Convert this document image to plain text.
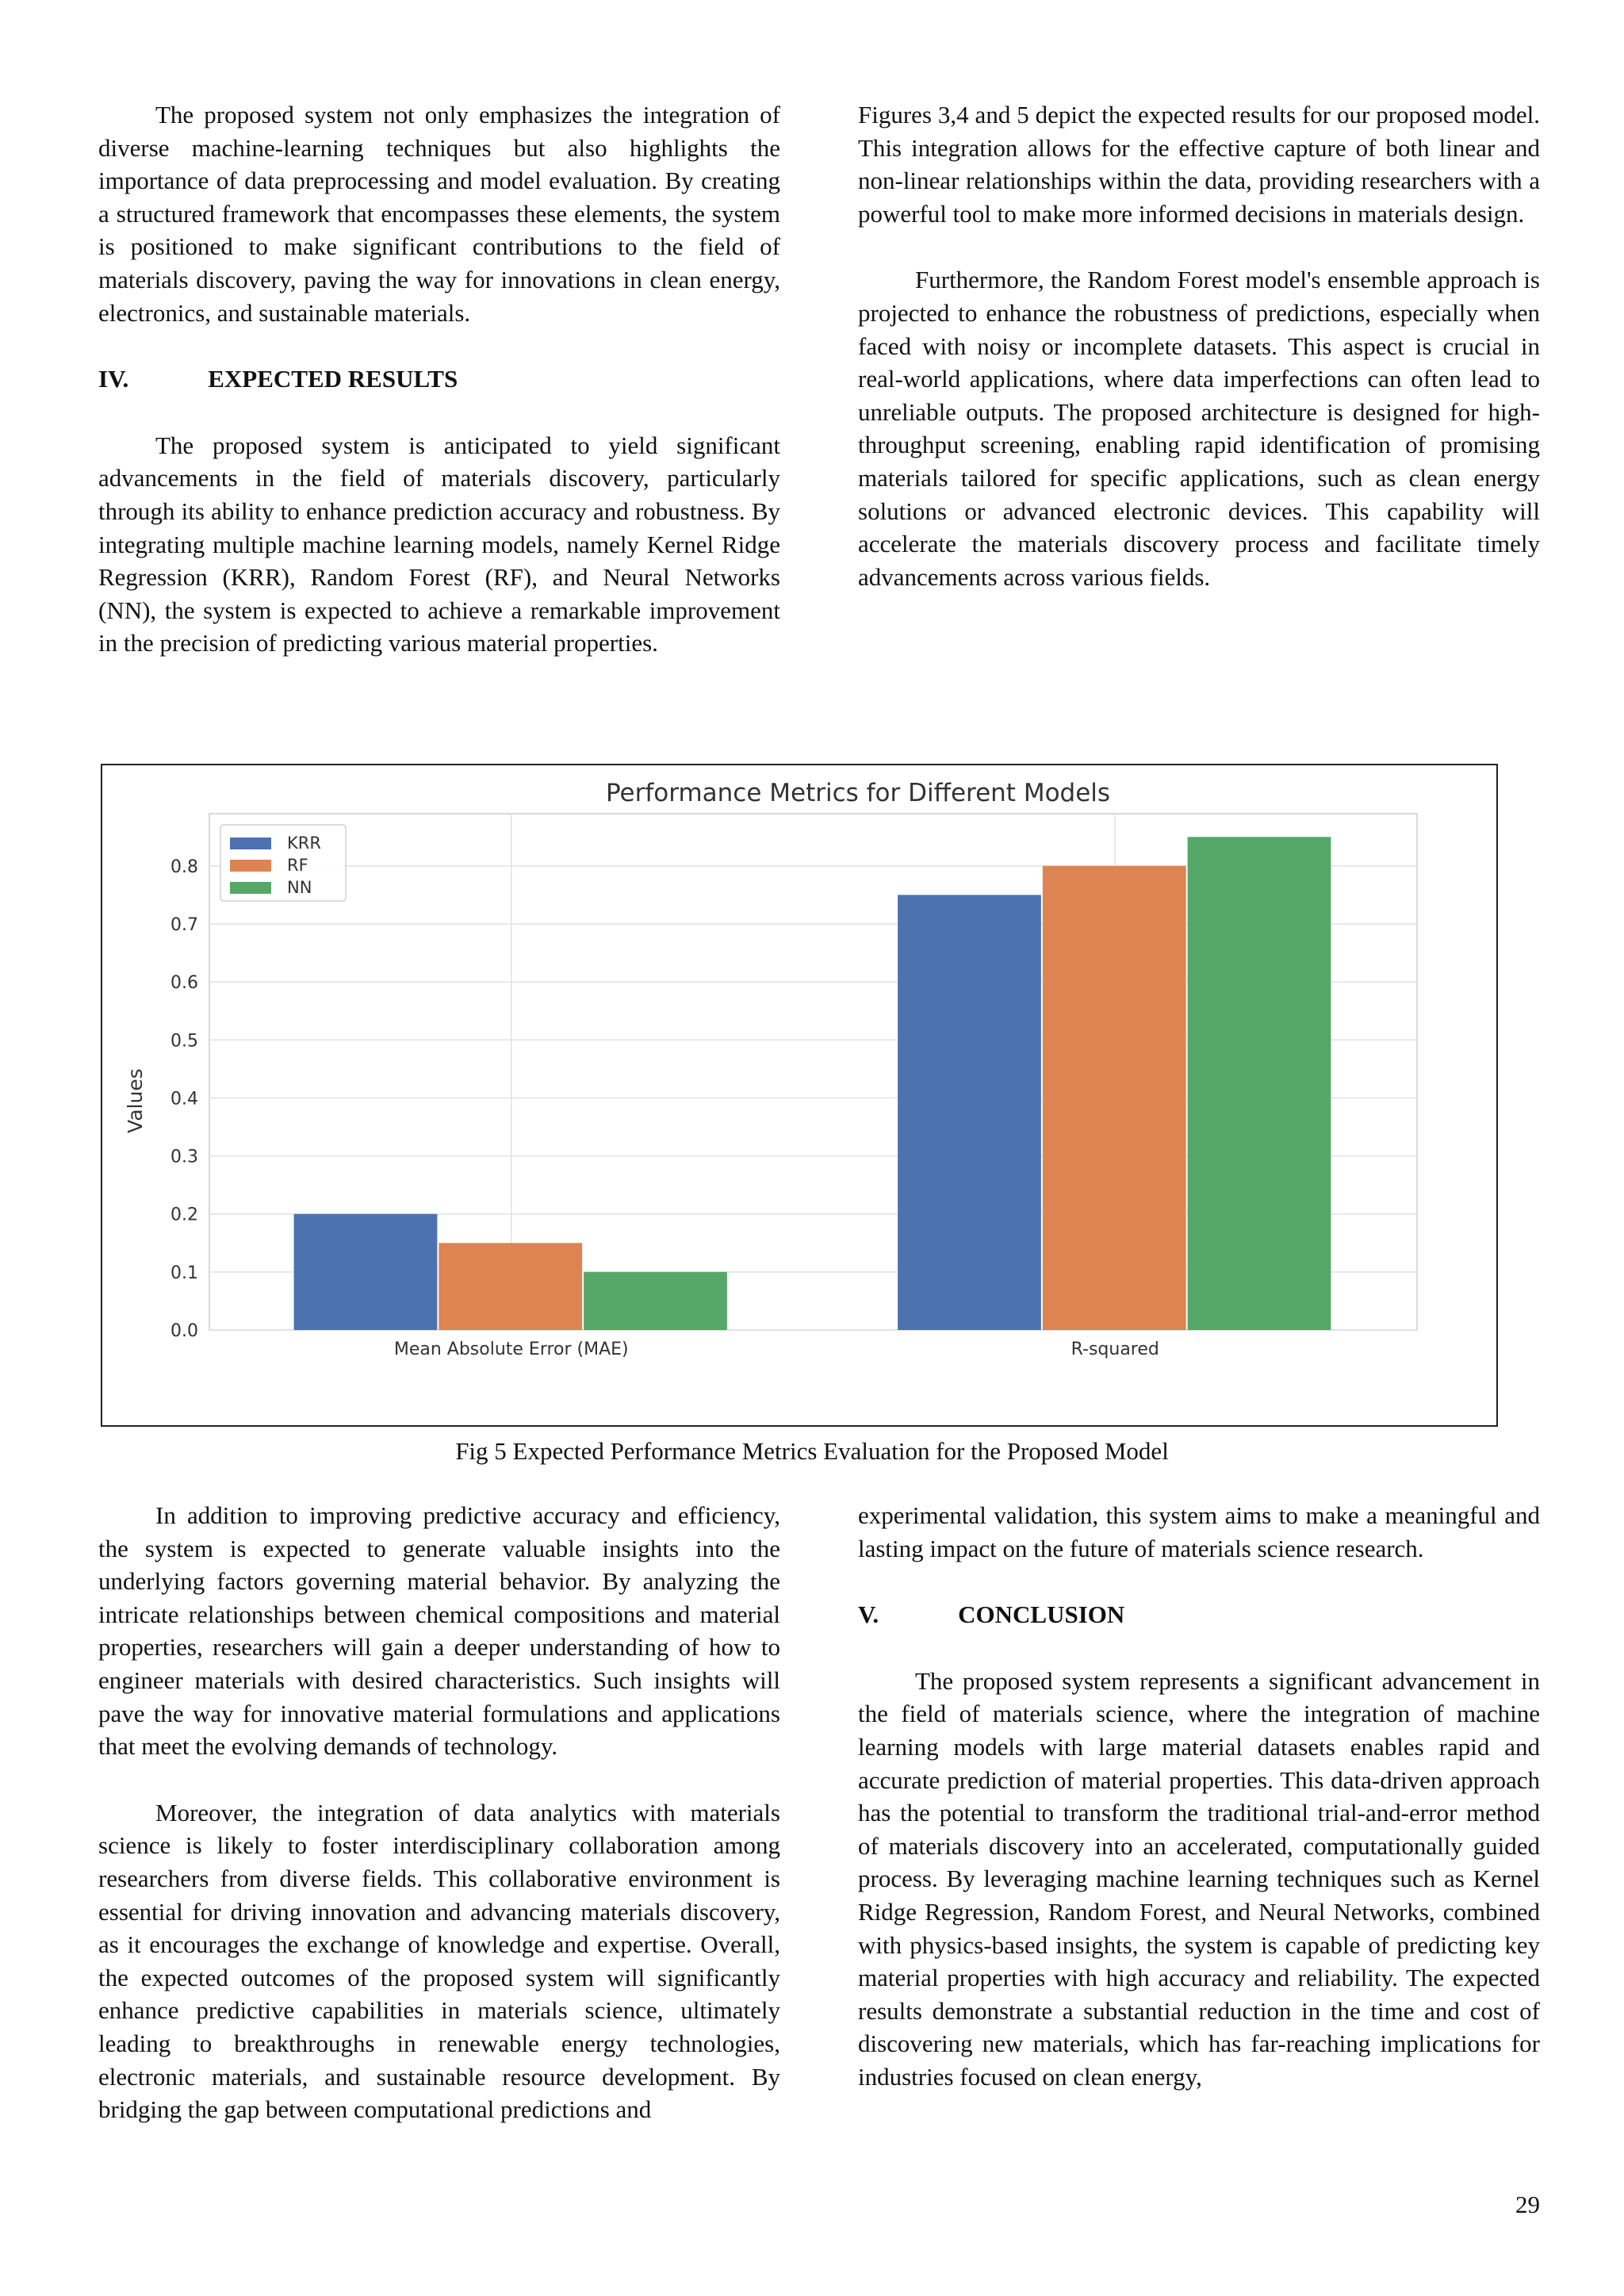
The proposed system not only emphasizes the integration of diverse machine-learning techniques but also highlights the importance of data preprocessing and model evaluation. By creating a structured framework that encompasses these elements, the system is positioned to make significant contributions to the field of materials discovery, paving the way for innovations in clean energy, electronics, and sustainable materials.

IV.	EXPECTED RESULTS

The proposed system is anticipated to yield significant advancements in the field of materials discovery, particularly through its ability to enhance prediction accuracy and robustness. By integrating multiple machine learning models, namely Kernel Ridge Regression (KRR), Random Forest (RF), and Neural Networks (NN), the system is expected to achieve a remarkable improvement in the precision of predicting various material properties.

Figures 3,4 and 5 depict the expected results for our proposed model. This integration allows for the effective capture of both linear and non-linear relationships within the data, providing researchers with a powerful tool to make more informed decisions in materials design.

Furthermore, the Random Forest model's ensemble approach is projected to enhance the robustness of predictions, especially when faced with noisy or incomplete datasets. This aspect is crucial in real-world applications, where data imperfections can often lead to unreliable outputs. The proposed architecture is designed for high-throughput screening, enabling rapid identification of promising materials tailored for specific applications, such as clean energy solutions or advanced electronic devices. This capability will accelerate the materials discovery process and facilitate timely advancements across various fields.

Performance Metrics for Different Models
0.0
0.1
0.2
0.3
0.4
0.5
0.6
0.7
0.8
Mean Absolute Error (MAE)	R-squared
Values
KRR
RF
NN
Fig 5 Expected Performance Metrics Evaluation for the Proposed Model

In addition to improving predictive accuracy and efficiency, the system is expected to generate valuable insights into the underlying factors governing material behavior. By analyzing the intricate relationships between chemical compositions and material properties, researchers will gain a deeper understanding of how to engineer materials with desired characteristics. Such insights will pave the way for innovative material formulations and applications that meet the evolving demands of technology.

Moreover, the integration of data analytics with materials science is likely to foster interdisciplinary collaboration among researchers from diverse fields. This collaborative environment is essential for driving innovation and advancing materials discovery, as it encourages the exchange of knowledge and expertise. Overall, the expected outcomes of the proposed system will significantly enhance predictive capabilities in materials science, ultimately leading to breakthroughs in renewable energy technologies, electronic materials, and sustainable resource development. By bridging the gap between computational predictions and

experimental validation, this system aims to make a meaningful and lasting impact on the future of materials science research.

V.	CONCLUSION

The proposed system represents a significant advancement in the field of materials science, where the integration of machine learning models with large material datasets enables rapid and accurate prediction of material properties. This data-driven approach has the potential to transform the traditional trial-and-error method of materials discovery into an accelerated, computationally guided process. By leveraging machine learning techniques such as Kernel Ridge Regression, Random Forest, and Neural Networks, combined with physics-based insights, the system is capable of predicting key material properties with high accuracy and reliability. The expected results demonstrate a substantial reduction in the time and cost of discovering new materials, which has far-reaching implications for industries focused on clean energy,

29
